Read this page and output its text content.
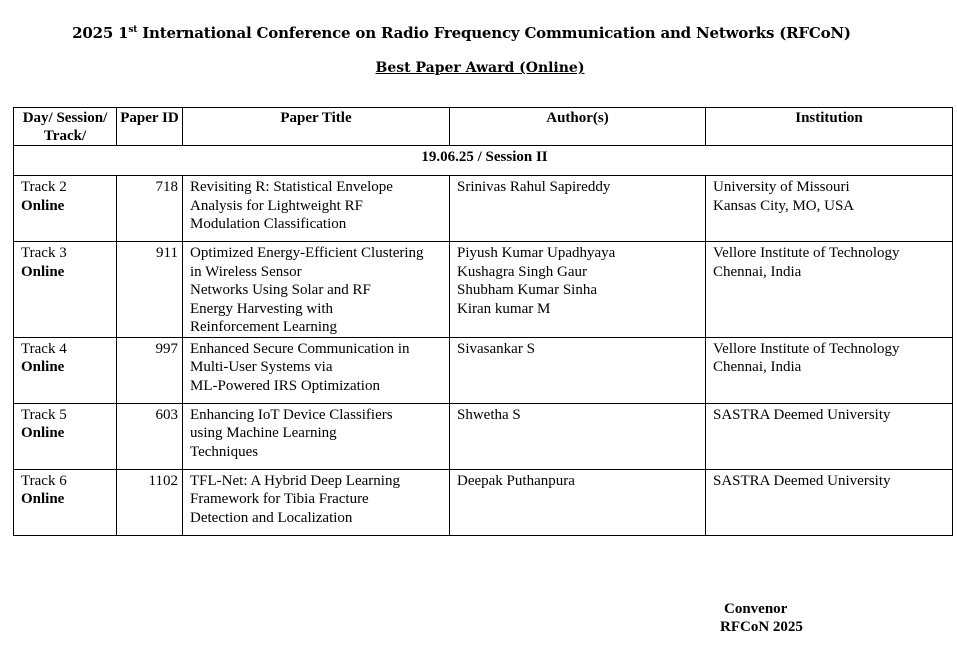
2025 1st International Conference on Radio Frequency Communication and Networks (RFCoN)
Best Paper Award (Online)
Day/ Session/ Track/	Paper ID	Paper Title	Author(s)	Institution
19.06.25 / Session II				

Track 2
Online	718	Revisiting R: Statistical Envelope
Analysis for Lightweight RF
Modulation Classification	Srinivas Rahul Sapireddy	University of Missouri
Kansas City, MO, USA

Track 3
Online	911	Optimized Energy-Efficient Clustering
in Wireless Sensor
Networks Using Solar and RF
Energy Harvesting with
Reinforcement Learning	Piyush Kumar Upadhyaya
Kushagra Singh Gaur
Shubham Kumar Sinha
Kiran kumar M	Vellore Institute of Technology
Chennai, India

Track 4
Online	997	Enhanced Secure Communication in
Multi-User Systems via
ML-Powered IRS Optimization	Sivasankar S	Vellore Institute of Technology
Chennai, India

Track 5
Online	603	Enhancing IoT Device Classifiers
using Machine Learning
Techniques	Shwetha S	SASTRA Deemed University

Track 6
Online	1102	TFL-Net: A Hybrid Deep Learning
Framework for Tibia Fracture
Detection and Localization	Deepak Puthanpura	SASTRA Deemed University
Convenor
RFCoN 2025
